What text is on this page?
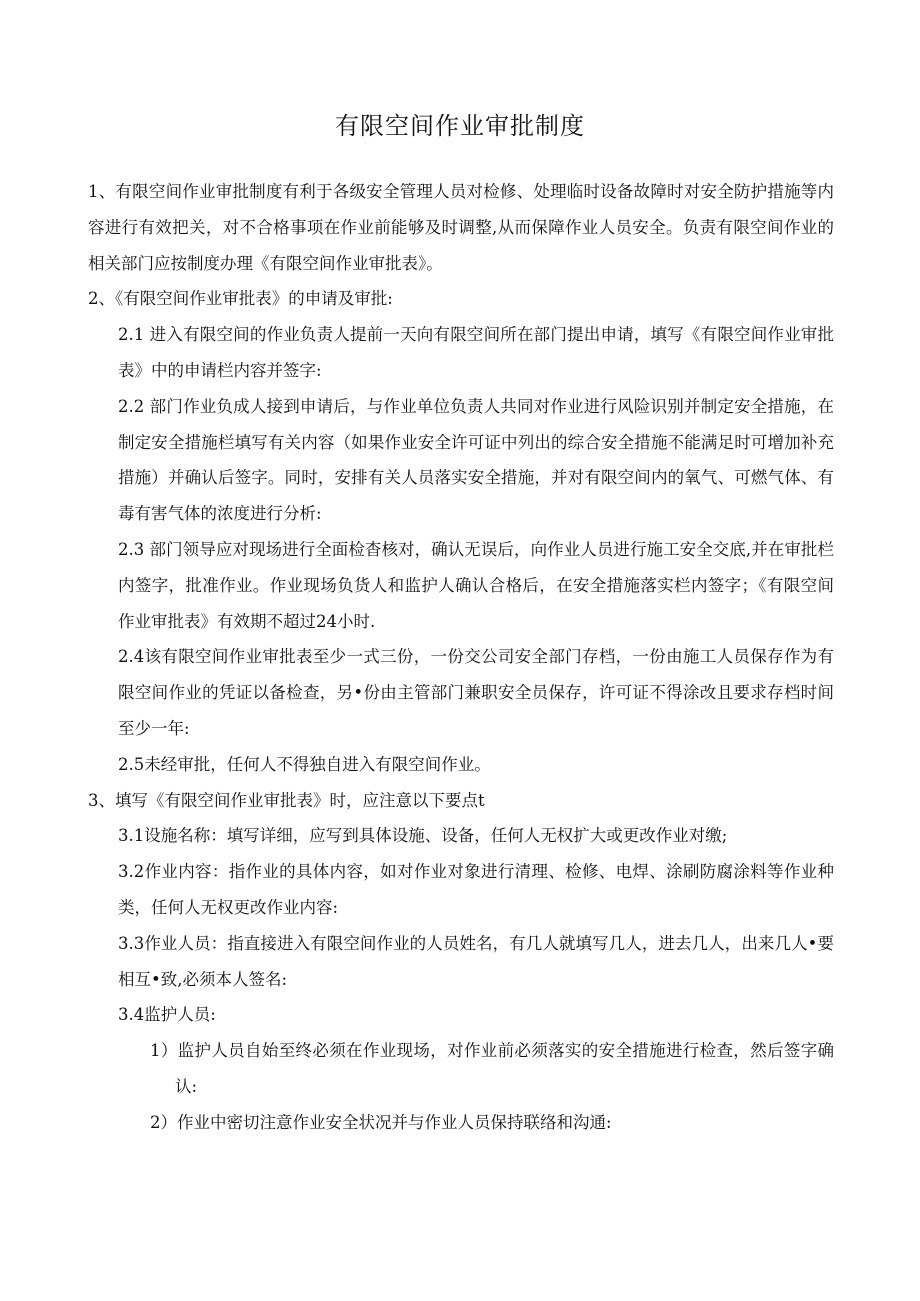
有限空间作业审批制度

1、有限空间作业审批制度有利于各级安全管理人员对检修、处理临时设备故障时对安全防护措施等内容进行有效把关，对不合格事项在作业前能够及时调整,从而保障作业人员安全。负责有限空间作业的相关部门应按制度办理《有限空间作业审批表》。

2、《有限空间作业审批表》的申请及审批:

2.1 进入有限空间的作业负责人提前一天向有限空间所在部门提出申请，填写《有限空间作业审批表》中的申请栏内容并签字:

2.2 部门作业负成人接到申请后，与作业单位负责人共同对作业进行风险识别并制定安全措施，在制定安全措施栏填写有关内容（如果作业安全许可证中列出的综合安全措施不能满足时可增加补充措施）并确认后签字。同时，安排有关人员落实安全措施，并对有限空间内的氧气、可燃气体、有毒有害气体的浓度进行分析:

2.3 部门领导应对现场进行全面检杳核对，确认无误后，向作业人员进行施工安全交底,并在审批栏内签字，批准作业。作业现场负货人和监护人确认合格后，在安全措施落实栏内签字；《有限空间作业审批表》有效期不超过24小时.

2.4该有限空间作业审批表至少一式三份，一份交公司安全部门存档，一份由施工人员保存作为有限空间作业的凭证以备检查，另•份由主管部门兼职安全员保存，许可证不得涂改且要求存档时间至少一年:

2.5未经审批，任何人不得独自进入有限空间作业。

3、填写《有限空间作业审批表》时，应注意以下要点t

3.1设施名称：填写详细，应写到具体设施、设备，任何人无权扩大或更改作业对缴;

3.2作业内容：指作业的具体内容，如对作业对象进行清理、检修、电焊、涂刷防腐涂料等作业种类，任何人无权更改作业内容:

3.3作业人员：指直接进入有限空间作业的人员姓名，有几人就填写几人，进去几人，出来几人•要相互•致,必须本人签名:

3.4监护人员:

1）监护人员自始至终必须在作业现场，对作业前必须落实的安全措施进行检查，然后签字确认:

2）作业中密切注意作业安全状况并与作业人员保持联络和沟通:
